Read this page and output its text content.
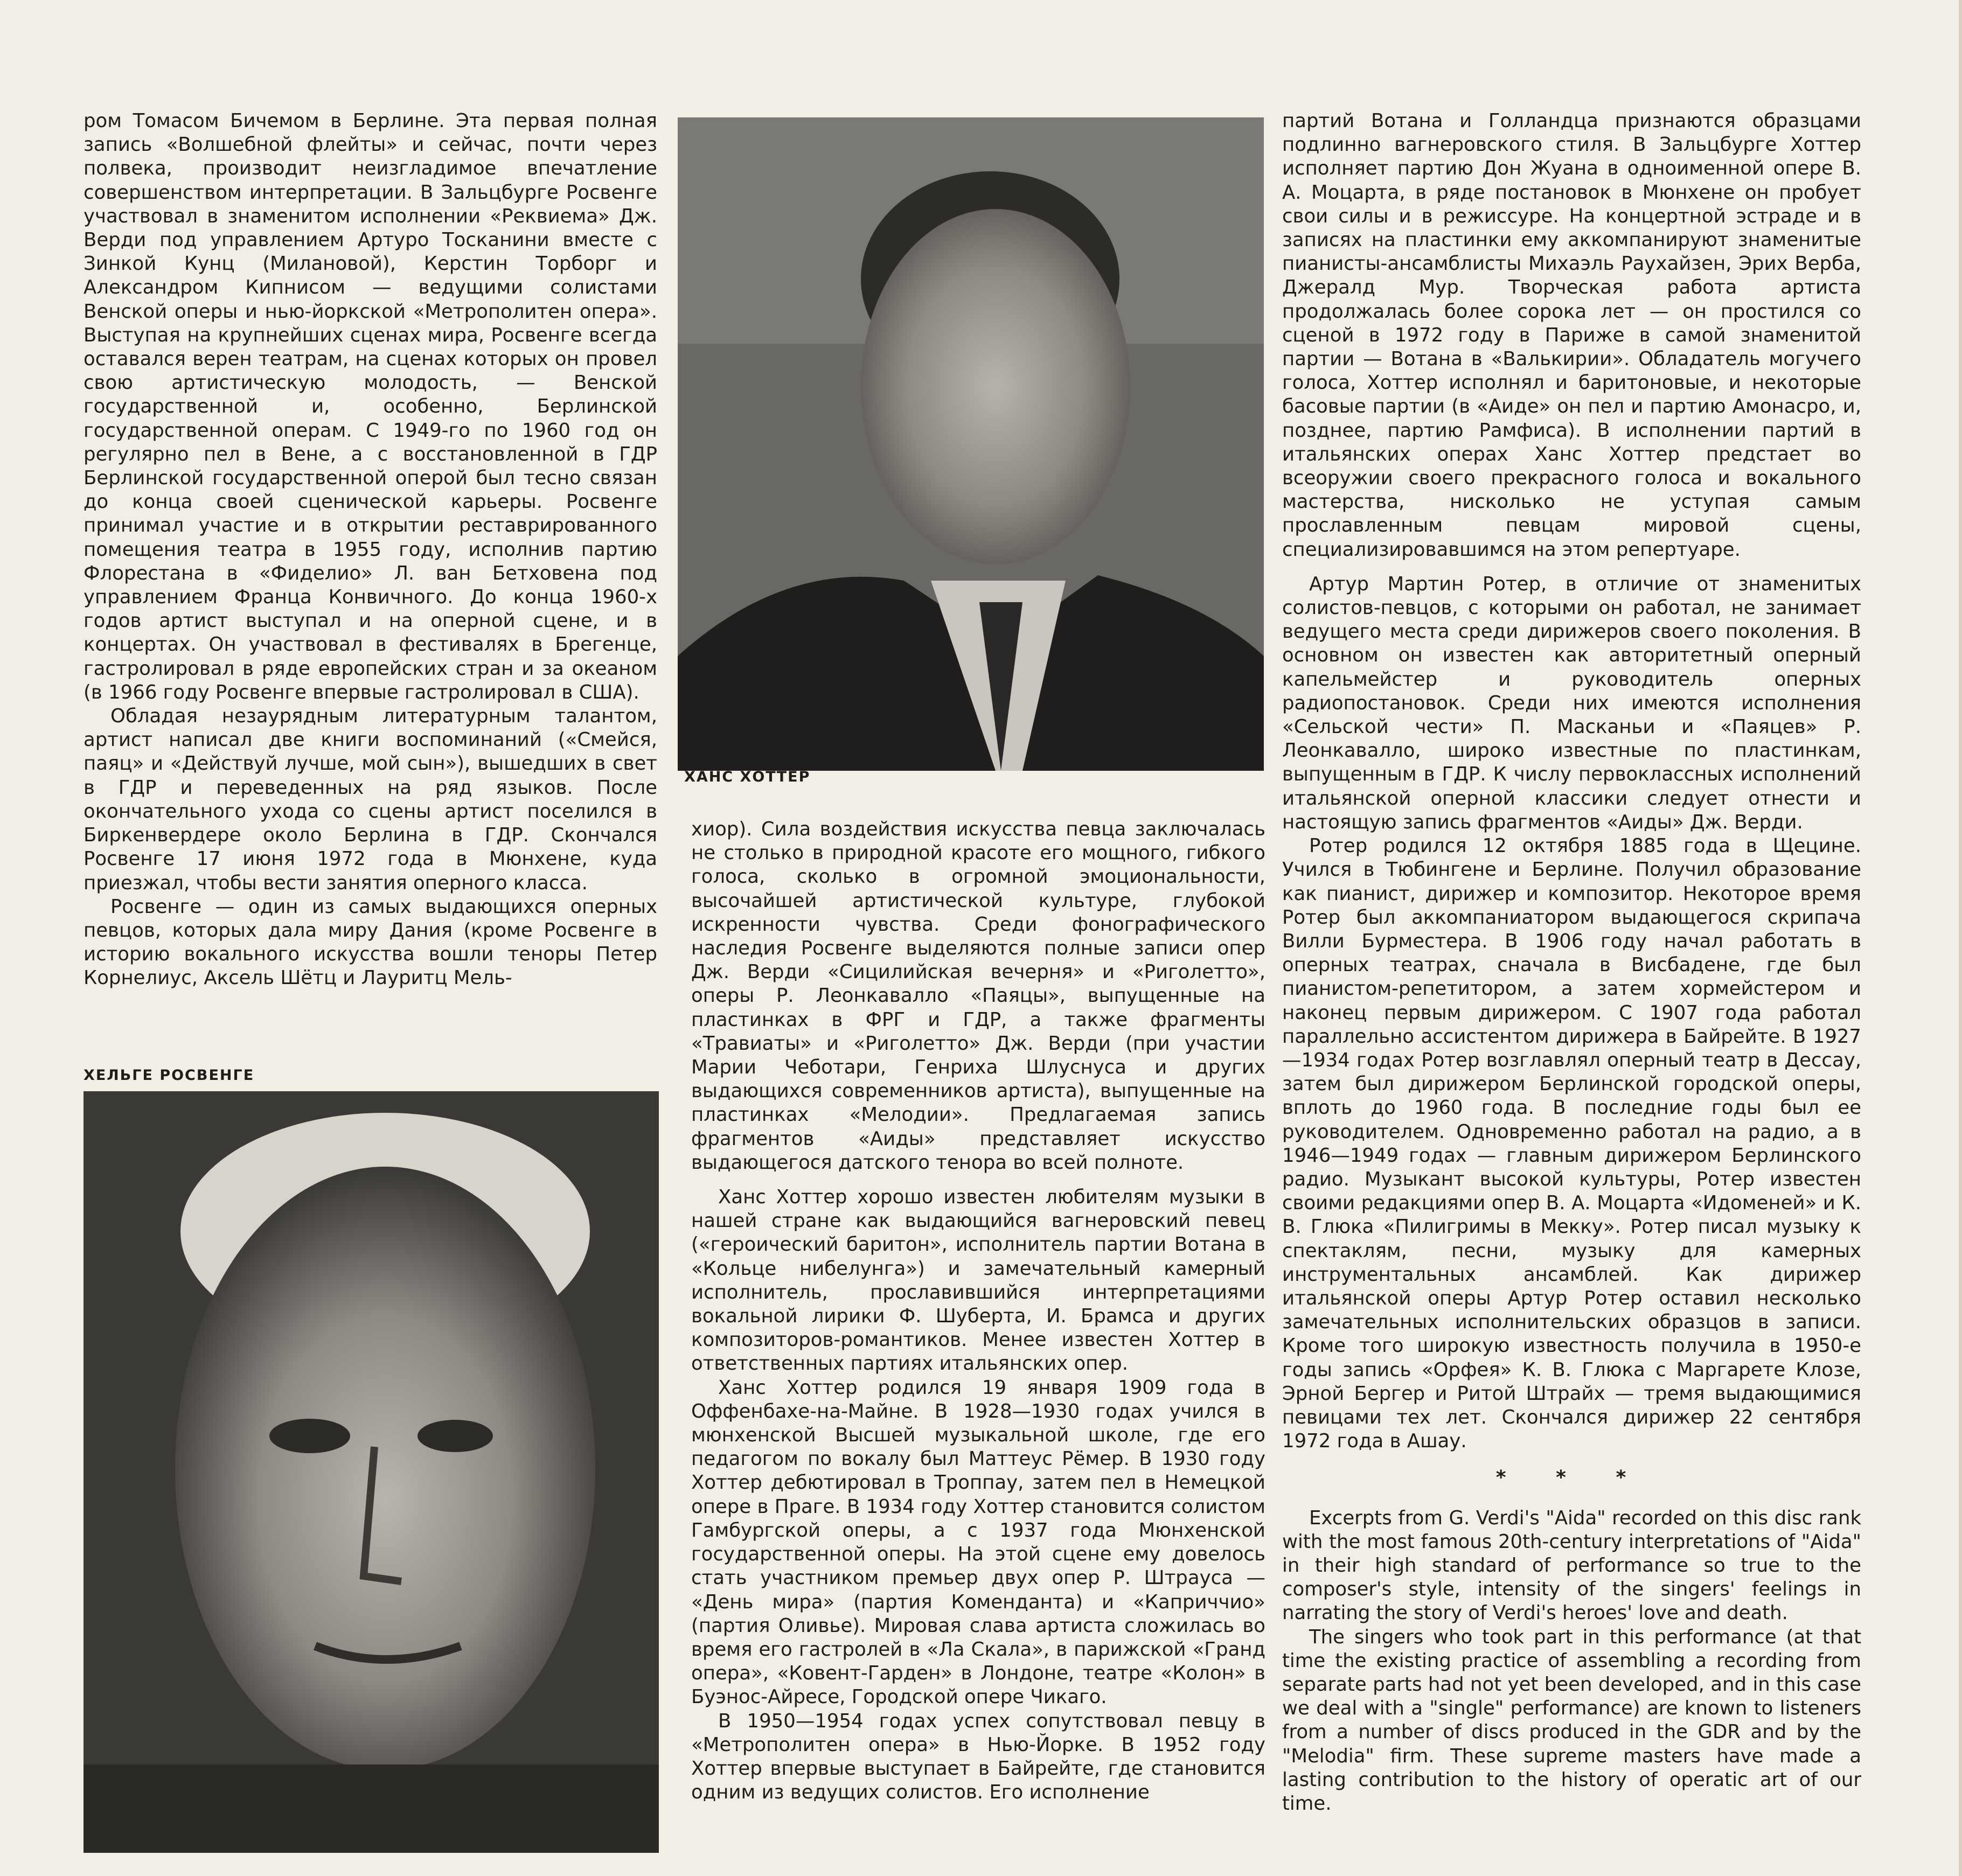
ром Томасом Бичемом в Берлине. Эта первая полная запись «Волшебной флейты» и сейчас, почти через полвека, производит неизгладимое впечатление совершенством интерпретации. В Зальцбурге Росвенге участвовал в знаменитом исполнении «Реквиема» Дж. Верди под управлением Артуро Тосканини вместе с Зинкой Кунц (Милановой), Керстин Торборг и Александром Кипнисом — ведущими солистами Венской оперы и нью-йоркской «Метрополитен опера». Выступая на крупнейших сценах мира, Росвенге всегда оставался верен театрам, на сценах которых он провел свою артистическую молодость, — Венской государственной и, особенно, Берлинской государственной операм. С 1949-го по 1960 год он регулярно пел в Вене, а с восстановленной в ГДР Берлинской государственной оперой был тесно связан до конца своей сценической карьеры. Росвенге принимал участие и в открытии реставрированного помещения театра в 1955 году, исполнив партию Флорестана в «Фиделио» Л. ван Бетховена под управлением Франца Конвичного. До конца 1960-х годов артист выступал и на оперной сцене, и в концертах. Он участвовал в фестивалях в Брегенце, гастролировал в ряде европейских стран и за океаном (в 1966 году Росвенге впервые гастролировал в США).

Обладая незаурядным литературным талантом, артист написал две книги воспоминаний («Смейся, паяц» и «Действуй лучше, мой сын»), вышедших в свет в ГДР и переведенных на ряд языков. После окончательного ухода со сцены артист поселился в Биркенвердере около Берлина в ГДР. Скончался Росвенге 17 июня 1972 года в Мюнхене, куда приезжал, чтобы вести занятия оперного класса.

Росвенге — один из самых выдающихся оперных певцов, которых дала миру Дания (кроме Росвенге в историю вокального искусства вошли теноры Петер Корнелиус, Аксель Шётц и Лауритц Мель-

ХЕЛЬГЕ РОСВЕНГЕ
ХАНС ХОТТЕР

хиор). Сила воздействия искусства певца заключалась не столько в природной красоте его мощного, гибкого голоса, сколько в огромной эмоциональности, высочайшей артистической культуре, глубокой искренности чувства. Среди фонографического наследия Росвенге выделяются полные записи опер Дж. Верди «Сицилийская вечерня» и «Риголетто», оперы Р. Леонкавалло «Паяцы», выпущенные на пластинках в ФРГ и ГДР, а также фрагменты «Травиаты» и «Риголетто» Дж. Верди (при участии Марии Чеботари, Генриха Шлуснуса и других выдающихся современников артиста), выпущенные на пластинках «Мелодии». Предлагаемая запись фрагментов «Аиды» представляет искусство выдающегося датского тенора во всей полноте.

Ханс Хоттер хорошо известен любителям музыки в нашей стране как выдающийся вагнеровский певец («героический баритон», исполнитель партии Вотана в «Кольце нибелунга») и замечательный камерный исполнитель, прославившийся интерпретациями вокальной лирики Ф. Шуберта, И. Брамса и других композиторов-романтиков. Менее известен Хоттер в ответственных партиях итальянских опер.

Ханс Хоттер родился 19 января 1909 года в Оффенбахе-на-Майне. В 1928—1930 годах учился в мюнхенской Высшей музыкальной школе, где его педагогом по вокалу был Маттеус Рёмер. В 1930 году Хоттер дебютировал в Троппау, затем пел в Немецкой опере в Праге. В 1934 году Хоттер становится солистом Гамбургской оперы, а с 1937 года Мюнхенской государственной оперы. На этой сцене ему довелось стать участником премьер двух опер Р. Штрауса — «День мира» (партия Коменданта) и «Каприччио» (партия Оливье). Мировая слава артиста сложилась во время его гастролей в «Ла Скала», в парижской «Гранд опера», «Ковент-Гарден» в Лондоне, театре «Колон» в Буэнос-Айресе, Городской опере Чикаго.

В 1950—1954 годах успех сопутствовал певцу в «Метрополитен опера» в Нью-Йорке. В 1952 году Хоттер впервые выступает в Байрейте, где становится одним из ведущих солистов. Его исполнение

партий Вотана и Голландца признаются образцами подлинно вагнеровского стиля. В Зальцбурге Хоттер исполняет партию Дон Жуана в одноименной опере В. А. Моцарта, в ряде постановок в Мюнхене он пробует свои силы и в режиссуре. На концертной эстраде и в записях на пластинки ему аккомпанируют знаменитые пианисты-ансамблисты Михаэль Раухайзен, Эрих Верба, Джералд Мур. Творческая работа артиста продолжалась более сорока лет — он простился со сценой в 1972 году в Париже в самой знаменитой партии — Вотана в «Валькирии». Обладатель могучего голоса, Хоттер исполнял и баритоновые, и некоторые басовые партии (в «Аиде» он пел и партию Амонасро, и, позднее, партию Рамфиса). В исполнении партий в итальянских операх Ханс Хоттер предстает во всеоружии своего прекрасного голоса и вокального мастерства, нисколько не уступая самым прославленным певцам мировой сцены, специализировавшимся на этом репертуаре.

Артур Мартин Ротер, в отличие от знаменитых солистов-певцов, с которыми он работал, не занимает ведущего места среди дирижеров своего поколения. В основном он известен как авторитетный оперный капельмейстер и руководитель оперных радиопостановок. Среди них имеются исполнения «Сельской чести» П. Масканьи и «Паяцев» Р. Леонкавалло, широко известные по пластинкам, выпущенным в ГДР. К числу первоклассных исполнений итальянской оперной классики следует отнести и настоящую запись фрагментов «Аиды» Дж. Верди.

Ротер родился 12 октября 1885 года в Щецине. Учился в Тюбингене и Берлине. Получил образование как пианист, дирижер и композитор. Некоторое время Ротер был аккомпаниатором выдающегося скрипача Вилли Бурместера. В 1906 году начал работать в оперных театрах, сначала в Висбадене, где был пианистом-репетитором, а затем хормейстером и наконец первым дирижером. С 1907 года работал параллельно ассистентом дирижера в Байрейте. В 1927—1934 годах Ротер возглавлял оперный театр в Дессау, затем был дирижером Берлинской городской оперы, вплоть до 1960 года. В последние годы был ее руководителем. Одновременно работал на радио, а в 1946—1949 годах — главным дирижером Берлинского радио. Музыкант высокой культуры, Ротер известен своими редакциями опер В. А. Моцарта «Идоменей» и К. В. Глюка «Пилигримы в Мекку». Ротер писал музыку к спектаклям, песни, музыку для камерных инструментальных ансамблей. Как дирижер итальянской оперы Артур Ротер оставил несколько замечательных исполнительских образцов в записи. Кроме того широкую известность получила в 1950-е годы запись «Орфея» К. В. Глюка с Маргарете Клозе, Эрной Бергер и Ритой Штрайх — тремя выдающимися певицами тех лет. Скончался дирижер 22 сентября 1972 года в Ашау.

* * *

Excerpts from G. Verdi's "Aida" recorded on this disc rank with the most famous 20th-century interpretations of "Aida" in their high standard of performance so true to the composer's style, intensity of the singers' feelings in narrating the story of Verdi's heroes' love and death.

The singers who took part in this performance (at that time the existing practice of assembling a recording from separate parts had not yet been developed, and in this case we deal with a "single" performance) are known to listeners from a number of discs produced in the GDR and by the "Melodia" firm. These supreme masters have made a lasting contribution to the history of operatic art of our time.
